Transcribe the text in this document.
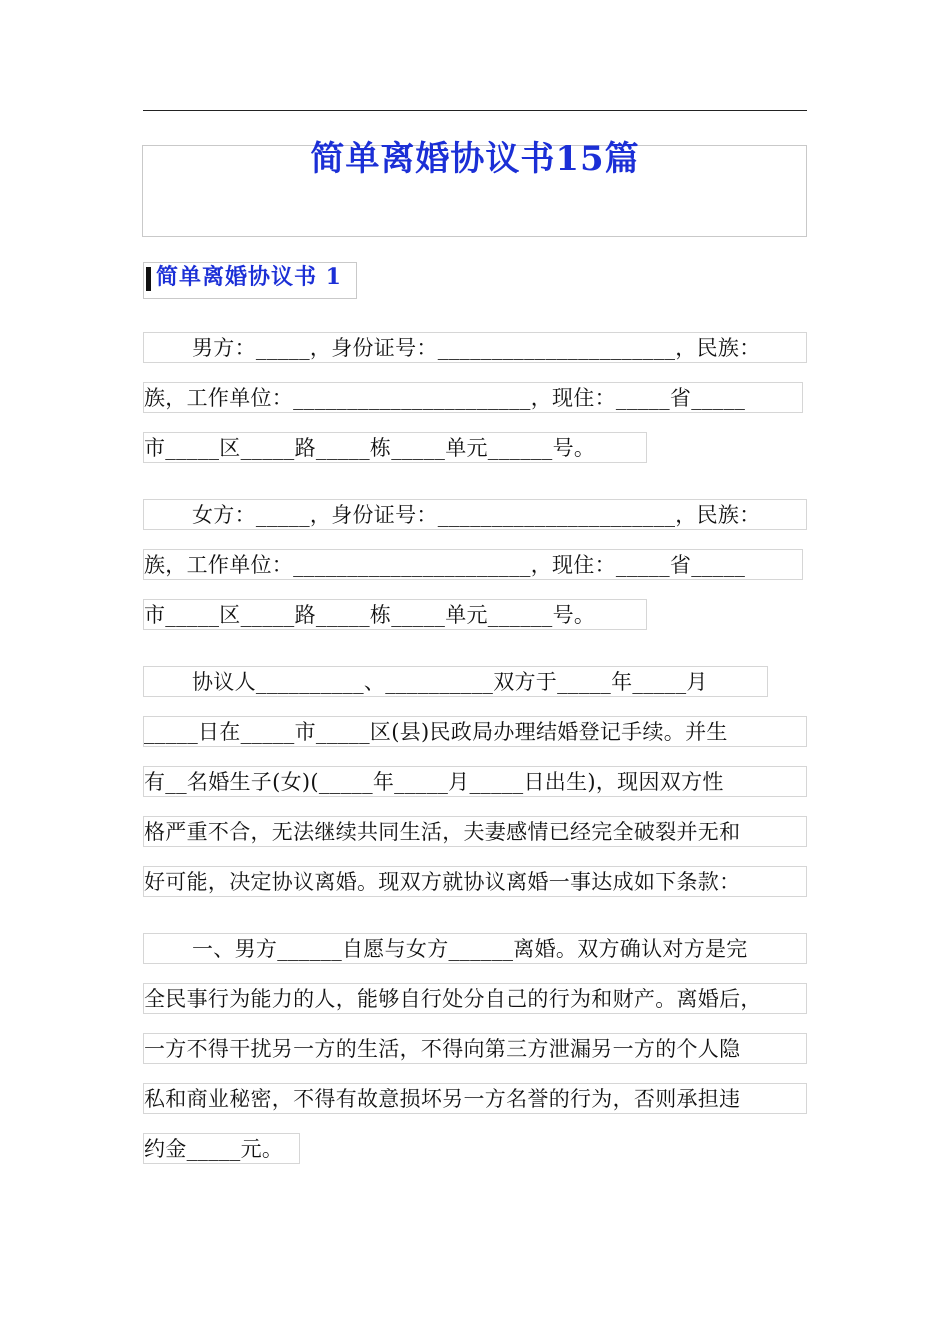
简单离婚协议书15篇
简单离婚协议书 1
男方：_____，身份证号：______________________，民族：
族，工作单位：______________________，现住：_____省_____
市_____区_____路_____栋_____单元______号。
女方：_____，身份证号：______________________，民族：
族，工作单位：______________________，现住：_____省_____
市_____区_____路_____栋_____单元______号。
协议人__________、__________双方于_____年_____月
_____日在_____市_____区(县)民政局办理结婚登记手续。并生
有__名婚生子(女)(_____年_____月_____日出生)，现因双方性
格严重不合，无法继续共同生活，夫妻感情已经完全破裂并无和
好可能，决定协议离婚。现双方就协议离婚一事达成如下条款：
一、男方______自愿与女方______离婚。双方确认对方是完
全民事行为能力的人，能够自行处分自己的行为和财产。离婚后，
一方不得干扰另一方的生活，不得向第三方泄漏另一方的个人隐
私和商业秘密，不得有故意损坏另一方名誉的行为，否则承担违
约金_____元。
